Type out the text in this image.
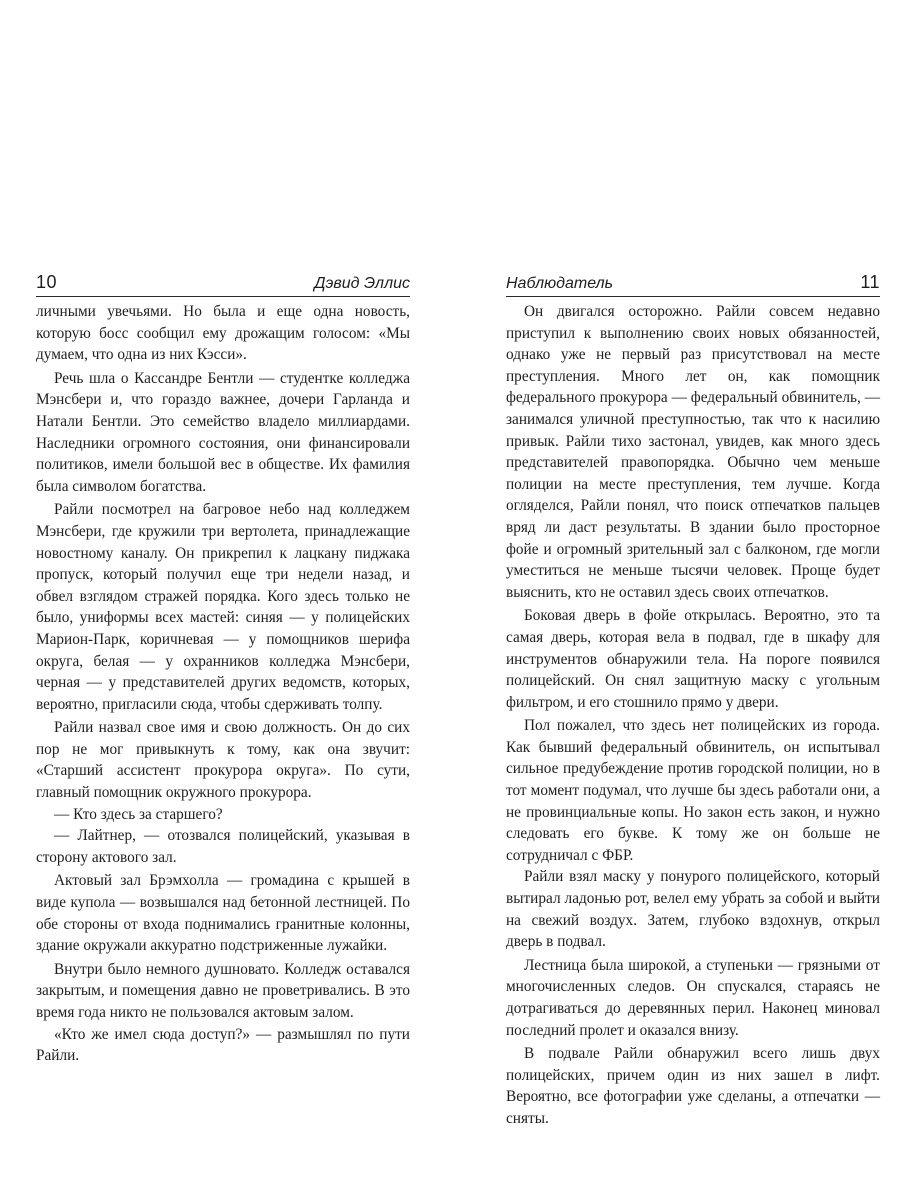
10	Дэвид Эллис

личными увечьями. Но была и еще одна новость, которую босс сообщил ему дрожащим голосом: «Мы думаем, что одна из них Кэсси».

Речь шла о Кассандре Бентли — студентке колледжа Мэнсбери и, что гораздо важнее, дочери Гарланда и Натали Бентли. Это семейство владело миллиардами. Наследники огромного состояния, они финансировали политиков, имели большой вес в обществе. Их фамилия была символом богатства.

Райли посмотрел на багровое небо над колледжем Мэнсбери, где кружили три вертолета, принадлежащие новостному каналу. Он прикрепил к лацкану пиджака пропуск, который получил еще три недели назад, и обвел взглядом стражей порядка. Кого здесь только не было, униформы всех мастей: синяя — у полицейских Марион-Парк, коричневая — у помощников шерифа округа, белая — у охранников колледжа Мэнсбери, черная — у представителей других ведомств, которых, вероятно, пригласили сюда, чтобы сдерживать толпу.

Райли назвал свое имя и свою должность. Он до сих пор не мог привыкнуть к тому, как она звучит: «Старший ассистент прокурора округа». По сути, главный помощник окружного прокурора.

— Кто здесь за старшего?

— Лайтнер, — отозвался полицейский, указывая в сторону актового зал.

Актовый зал Брэмхолла — громадина с крышей в виде купола — возвышался над бетонной лестницей. По обе стороны от входа поднимались гранитные колонны, здание окружали аккуратно подстриженные лужайки.

Внутри было немного душновато. Колледж оставался закрытым, и помещения давно не проветривались. В это время года никто не пользовался актовым залом.

«Кто же имел сюда доступ?» — размышлял по пути Райли.

Наблюдатель	11

Он двигался осторожно. Райли совсем недавно приступил к выполнению своих новых обязанностей, однако уже не первый раз присутствовал на месте преступления. Много лет он, как помощник федерального прокурора — федеральный обвинитель, — занимался уличной преступностью, так что к насилию привык. Райли тихо застонал, увидев, как много здесь представителей правопорядка. Обычно чем меньше полиции на месте преступления, тем лучше. Когда огляделся, Райли понял, что поиск отпечатков пальцев вряд ли даст результаты. В здании было просторное фойе и огромный зрительный зал с балконом, где могли уместиться не меньше тысячи человек. Проще будет выяснить, кто не оставил здесь своих отпечатков.

Боковая дверь в фойе открылась. Вероятно, это та самая дверь, которая вела в подвал, где в шкафу для инструментов обнаружили тела. На пороге появился полицейский. Он снял защитную маску с угольным фильтром, и его стошнило прямо у двери.

Пол пожалел, что здесь нет полицейских из города. Как бывший федеральный обвинитель, он испытывал сильное предубеждение против городской полиции, но в тот момент подумал, что лучше бы здесь работали они, а не провинциальные копы. Но закон есть закон, и нужно следовать его букве. К тому же он больше не сотрудничал с ФБР.

Райли взял маску у понурого полицейского, который вытирал ладонью рот, велел ему убрать за собой и выйти на свежий воздух. Затем, глубоко вздохнув, открыл дверь в подвал.

Лестница была широкой, а ступеньки — грязными от многочисленных следов. Он спускался, стараясь не дотрагиваться до деревянных перил. Наконец миновал последний пролет и оказался внизу.

В подвале Райли обнаружил всего лишь двух полицейских, причем один из них зашел в лифт. Вероятно, все фотографии уже сделаны, а отпечатки — сняты.
